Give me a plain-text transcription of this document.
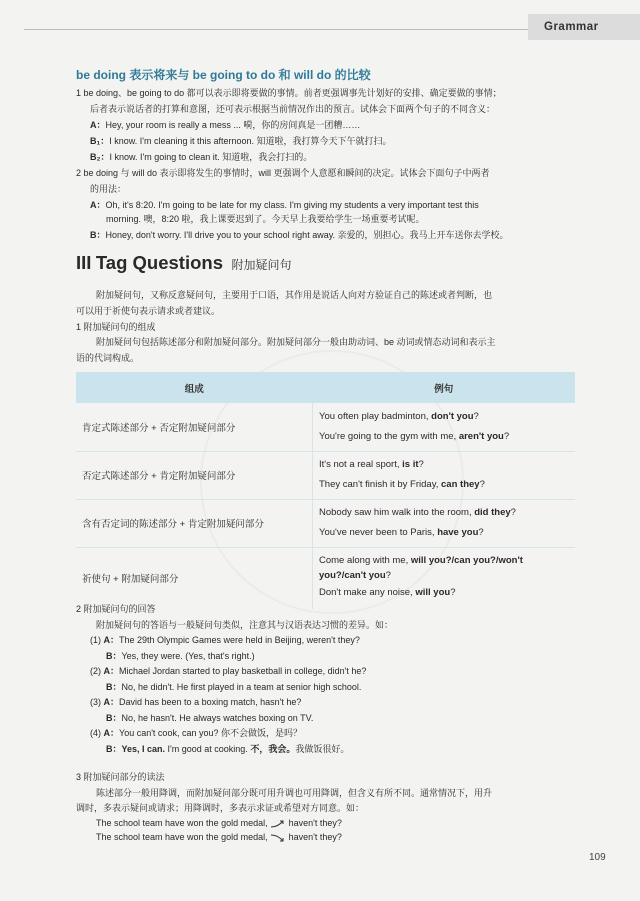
Grammar
be doing 表示将来与 be going to do 和 will do 的比较
1 be doing、be going to do 都可以表示即将要做的事情。前者更强调事先计划好的安排、确定要做的事情；
后者表示说话者的打算和意图，还可表示根据当前情况作出的预言。试体会下面两个句子的不同含义：
A：Hey, your room is really a mess ... 嗬，你的房间真是一团糟……
B₁：I know. I'm cleaning it this afternoon. 知道啦，我打算今天下午就打扫。
B₂：I know. I'm going to clean it. 知道啦，我会打扫的。
2 be doing 与 will do 表示即将发生的事情时，will 更强调个人意愿和瞬间的决定。试体会下面句子中两者
的用法：
A：Oh, it's 8:20. I'm going to be late for my class. I'm giving my students a very important test this
morning. 噢，8:20 啦，我上课要迟到了。今天早上我要给学生一场重要考试呢。
B：Honey, don't worry. I'll drive you to your school right away. 亲爱的，别担心。我马上开车送你去学校。
III Tag Questions 附加疑问句
附加疑问句，又称反意疑问句，主要用于口语，其作用是说话人向对方验证自己的陈述或者判断，也
可以用于祈使句表示请求或者建议。
1 附加疑问句的组成
附加疑问句包括陈述部分和附加疑问部分。附加疑问部分一般由助动词、be 动词或情态动词和表示主
语的代词构成。
组成	例句
肯定式陈述部分 + 否定附加疑问部分	You often play badminton, don't you?
You're going to the gym with me, aren't you?

否定式陈述部分 + 肯定附加疑问部分	It's not a real sport, is it?
They can't finish it by Friday, can they?

含有否定词的陈述部分 + 肯定附加疑问部分	Nobody saw him walk into the room, did they?
You've never been to Paris, have you?

祈使句 + 附加疑问部分	Come along with me, will you?/can you?/won't
you?/can't you?
Don't make any noise, will you?
2 附加疑问句的回答
附加疑问句的答语与一般疑问句类似，注意其与汉语表达习惯的差异。如：
(1) A：The 29th Olympic Games were held in Beijing, weren't they?
B：Yes, they were. (Yes, that's right.)
(2) A：Michael Jordan started to play basketball in college, didn't he?
B：No, he didn't. He first played in a team at senior high school.
(3) A：David has been to a boxing match, hasn't he?
B：No, he hasn't. He always watches boxing on TV.
(4) A：You can't cook, can you? 你不会做饭，是吗？
B：Yes, I can. I'm good at cooking. 不，我会。我做饭很好。
3 附加疑问部分的读法
陈述部分一般用降调，而附加疑问部分既可用升调也可用降调，但含义有所不同。通常情况下，用升
调时，多表示疑问或请求；用降调时，多表示求证或希望对方同意。如：
The school team have won the gold medal, haven't they?
The school team have won the gold medal, haven't they?
109
